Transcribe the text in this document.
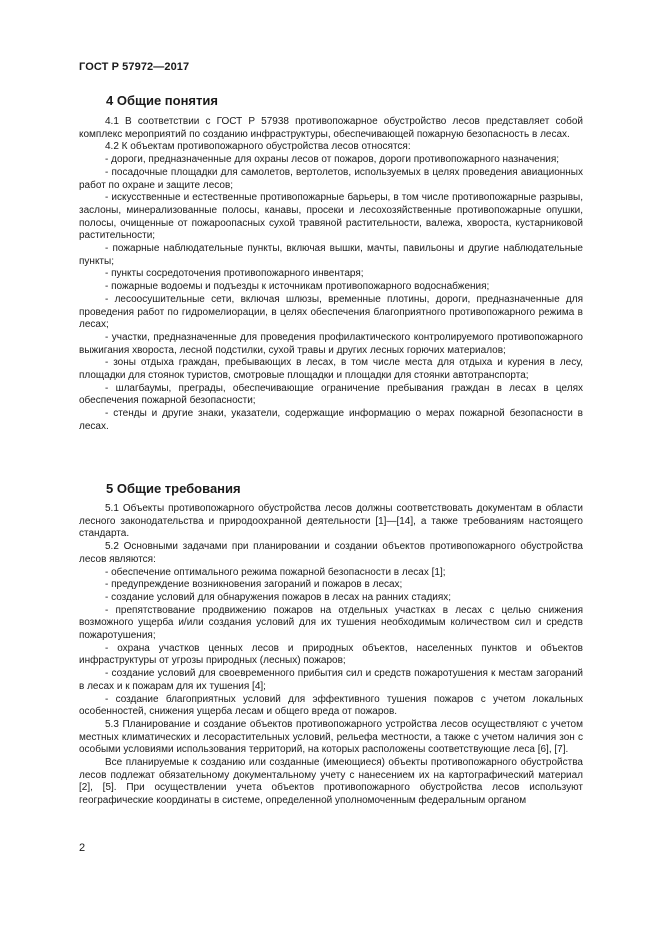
ГОСТ Р 57972—2017
4 Общие понятия

4.1 В соответствии с ГОСТ Р 57938 противопожарное обустройство лесов представляет собой комплекс мероприятий по созданию инфраструктуры, обеспечивающей пожарную безопасность в лесах.

4.2 К объектам противопожарного обустройства лесов относятся:

- дороги, предназначенные для охраны лесов от пожаров, дороги противопожарного назначения;

- посадочные площадки для самолетов, вертолетов, используемых в целях проведения авиационных работ по охране и защите лесов;

- искусственные и естественные противопожарные барьеры, в том числе противопожарные разрывы, заслоны, минерализованные полосы, канавы, просеки и лесохозяйственные противопожарные опушки, полосы, очищенные от пожароопасных сухой травяной растительности, валежа, хвороста, кустарниковой растительности;

- пожарные наблюдательные пункты, включая вышки, мачты, павильоны и другие наблюдательные пункты;

- пункты сосредоточения противопожарного инвентаря;

- пожарные водоемы и подъезды к источникам противопожарного водоснабжения;

- лесоосушительные сети, включая шлюзы, временные плотины, дороги, предназначенные для проведения работ по гидромелиорации, в целях обеспечения благоприятного противопожарного режима в лесах;

- участки, предназначенные для проведения профилактического контролируемого противопожарного выжигания хвороста, лесной подстилки, сухой травы и других лесных горючих материалов;

- зоны отдыха граждан, пребывающих в лесах, в том числе места для отдыха и курения в лесу, площадки для стоянок туристов, смотровые площадки и площадки для стоянки автотранспорта;

- шлагбаумы, преграды, обеспечивающие ограничение пребывания граждан в лесах в целях обеспечения пожарной безопасности;

- стенды и другие знаки, указатели, содержащие информацию о мерах пожарной безопасности в лесах.

5 Общие требования

5.1 Объекты противопожарного обустройства лесов должны соответствовать документам в области лесного законодательства и природоохранной деятельности [1]—[14], а также требованиям настоящего стандарта.

5.2 Основными задачами при планировании и создании объектов противопожарного обустройства лесов являются:

- обеспечение оптимального режима пожарной безопасности в лесах [1];

- предупреждение возникновения загораний и пожаров в лесах;

- создание условий для обнаружения пожаров в лесах на ранних стадиях;

- препятствование продвижению пожаров на отдельных участках в лесах с целью снижения возможного ущерба и/или создания условий для их тушения необходимым количеством сил и средств пожаротушения;

- охрана участков ценных лесов и природных объектов, населенных пунктов и объектов инфраструктуры от угрозы природных (лесных) пожаров;

- создание условий для своевременного прибытия сил и средств пожаротушения к местам загораний в лесах и к пожарам для их тушения [4];

- создание благоприятных условий для эффективного тушения пожаров с учетом локальных особенностей, снижения ущерба лесам и общего вреда от пожаров.

5.3 Планирование и создание объектов противопожарного устройства лесов осуществляют с учетом местных климатических и лесорастительных условий, рельефа местности, а также с учетом наличия зон с особыми условиями использования территорий, на которых расположены соответствующие леса [6], [7].

Все планируемые к созданию или созданные (имеющиеся) объекты противопожарного обустройства лесов подлежат обязательному документальному учету с нанесением их на картографический материал [2], [5]. При осуществлении учета объектов противопожарного обустройства лесов используют географические координаты в системе, определенной уполномоченным федеральным органом

2
